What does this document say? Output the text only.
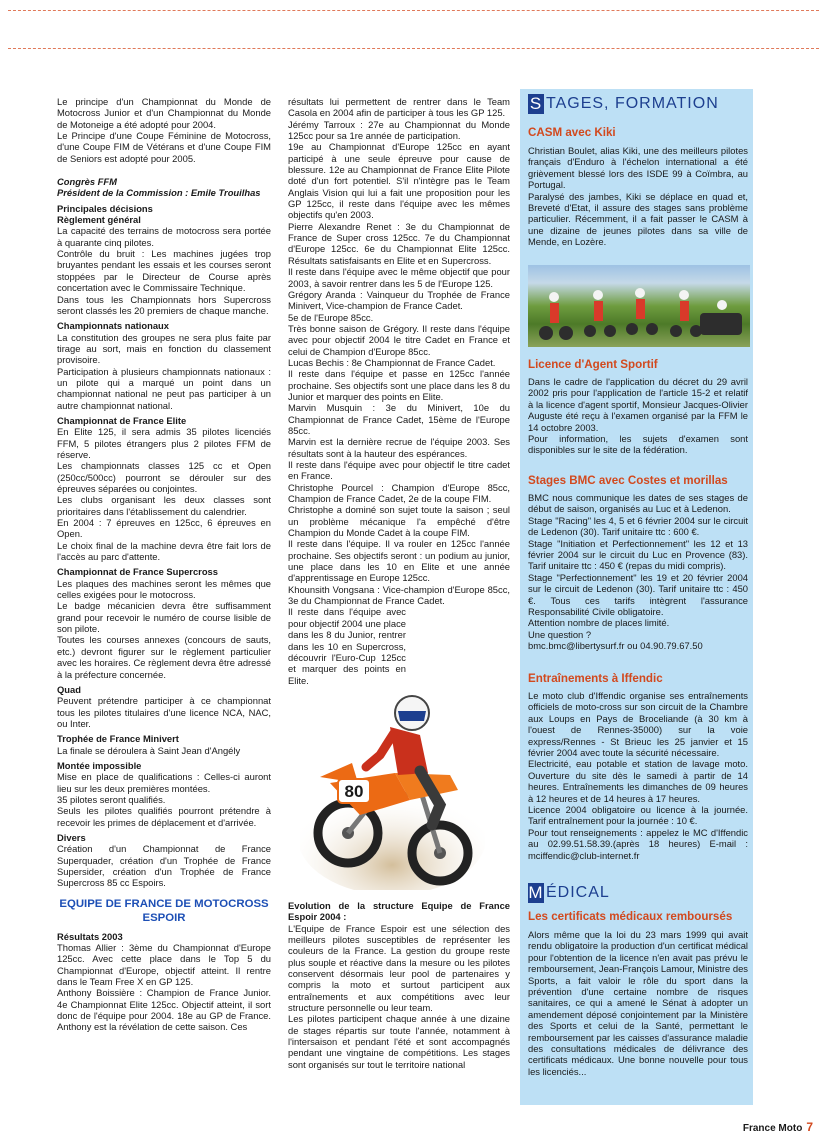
Le principe d'un Championnat du Monde de Motocross Junior et d'un Championnat du Monde de Motoneige a été adopté pour 2004.

Le Principe d'une Coupe Féminine de Motocross, d'une Coupe FIM de Vétérans et d'une Coupe FIM de Seniors est adopté pour 2005.

Congrès FFM

Président de la Commission : Emile Trouilhas

Principales décisions

Règlement général

La capacité des terrains de motocross sera portée à quarante cinq pilotes.

Contrôle du bruit : Les machines jugées trop bruyantes pendant les essais et les courses seront stoppées par le Directeur de Course après concertation avec le Commissaire Technique.

Dans tous les Championnats hors Supercross seront classés les 20 premiers de chaque manche.

Championnats nationaux

La constitution des groupes ne sera plus faite par tirage au sort, mais en fonction du classement provisoire.

Participation à plusieurs championnats nationaux : un pilote qui a marqué un point dans un championnat national ne peut pas participer à un autre championnat national.

Championnat de France Elite

En Elite 125, il sera admis 35 pilotes licenciés FFM, 5 pilotes étrangers plus 2 pilotes FFM de réserve.

Les championnats classes 125 cc et Open (250cc/500cc) pourront se dérouler sur des épreuves séparées ou conjointes.

Les clubs organisant les deux classes sont prioritaires dans l'établissement du calendrier.

En 2004 : 7 épreuves en 125cc, 6 épreuves en Open.

Le choix final de la machine devra être fait lors de l'accès au parc d'attente.

Championnat de France Supercross

Les plaques des machines seront les mêmes que celles exigées pour le motocross.

Le badge mécanicien devra être suffisamment grand pour recevoir le numéro de course lisible de son pilote.

Toutes les courses annexes (concours de sauts, etc.) devront figurer sur le règlement particulier avec les horaires. Ce règlement devra être adressé à la préfecture concernée.

Quad

Peuvent prétendre participer à ce championnat tous les pilotes titulaires d'une licence NCA, NAC, ou Inter.

Trophée de France Minivert

La finale se déroulera à Saint Jean d'Angély

Montée impossible

Mise en place de qualifications : Celles-ci auront lieu sur les deux premières montées.

35 pilotes seront qualifiés.

Seuls les pilotes qualifiés pourront prétendre à recevoir les primes de déplacement et d'arrivée.

Divers

Création d'un Championnat de France Superquader, création d'un Trophée de France Supersider, création d'un Trophée de France Supercross 85 cc Espoirs.

EQUIPE DE FRANCE DE MOTOCROSS ESPOIR

Résultats 2003

Thomas Allier : 3ème du Championnat d'Europe 125cc. Avec cette place dans le Top 5 du Championnat d'Europe, objectif atteint. Il rentre dans le Team Free X en GP 125.

Anthony Boissière : Champion de France Junior. 4e Championnat Elite 125cc. Objectif atteint, il sort donc de l'équipe pour 2004. 18e au GP de France. Anthony est la révélation de cette saison. Ces

résultats lui permettent de rentrer dans le Team Casola en 2004 afin de participer à tous les GP 125.

Jérémy Tarroux : 27e au Championnat du Monde 125cc pour sa 1re année de participation.

19e au Championnat d'Europe 125cc en ayant participé à une seule épreuve pour cause de blessure. 12e au Championnat de France Elite Pilote doté d'un fort potentiel. S'il n'intègre pas le Team Anglais Vision qui lui a fait une proposition pour les GP 125cc, il reste dans l'équipe avec les mêmes objectifs qu'en 2003.

Pierre Alexandre Renet : 3e du Championnat de France de Super cross 125cc. 7e du Championnat d'Europe 125cc. 6e du Championnat Elite 125cc. Résultats satisfaisants en Elite et en Supercross.

Il reste dans l'équipe avec le même objectif que pour 2003, à savoir rentrer dans les 5 de l'Europe 125.

Grégory Aranda : Vainqueur du Trophée de France Minivert, Vice-champion de France Cadet.

5e de l'Europe 85cc.

Très bonne saison de Grégory. Il reste dans l'équipe avec pour objectif 2004 le titre Cadet en France et celui de Champion d'Europe 85cc.

Lucas Bechis : 8e Championnat de France Cadet.

Il reste dans l'équipe et passe en 125cc l'année prochaine. Ses objectifs sont une place dans les 8 du Junior et marquer des points en Elite.

Marvin Musquin : 3e du Minivert, 10e du Championnat de France Cadet, 15ème de l'Europe 85cc.

Marvin est la dernière recrue de l'équipe 2003. Ses résultats sont à la hauteur des espérances.

Il reste dans l'équipe avec pour objectif le titre cadet en France.

Christophe Pourcel : Champion d'Europe 85cc, Champion de France Cadet, 2e de la coupe FIM.

Christophe a dominé son sujet toute la saison ; seul un problème mécanique l'a empêché d'être Champion du Monde Cadet à la coupe FIM.

Il reste dans l'équipe. Il va rouler en 125cc l'année prochaine. Ses objectifs seront : un podium au junior, une place dans les 10 en Elite et une année d'apprentissage en Europe 125cc.

Khounsith Vongsana : Vice-champion d'Europe 85cc, 3e du Championnat de France Cadet.

Il reste dans l'équipe avec pour objectif 2004 une place dans les 8 du Junior, rentrer dans les 10 en Supercross, découvrir l'Euro-Cup 125cc et marquer des points en Elite.

80

Evolution de la structure Equipe de France Espoir 2004 :

L'Equipe de France Espoir est une sélection des meilleurs pilotes susceptibles de représenter les couleurs de la France. La gestion du groupe reste plus souple et réactive dans la mesure ou les pilotes conservent désormais leur pool de partenaires y compris la moto et surtout participent aux entraînements et aux compétitions avec leur structure personnelle ou leur team.

Les pilotes participent chaque année à une dizaine de stages répartis sur toute l'année, notamment à l'intersaison et pendant l'été et sont accompagnés pendant une vingtaine de compétitions. Les stages sont organisés sur tout le territoire national

S TAGES, FORMATION
CASM avec Kiki

Christian Boulet, alias Kiki, une des meilleurs pilotes français d'Enduro à l'échelon international a été grièvement blessé lors des ISDE 99 à Coïmbra, au Portugal.

Paralysé des jambes, Kiki se déplace en quad et, Breveté d'Etat, il assure des stages sans problème particulier. Récemment, il a fait passer le CASM à une dizaine de jeunes pilotes dans sa ville de Mende, en Lozère.

Licence d'Agent Sportif

Dans le cadre de l'application du décret du 29 avril 2002 pris pour l'application de l'article 15-2 et relatif à la licence d'agent sportif, Monsieur Jacques-Olivier Auguste été reçu à l'examen organisé par la FFM le 14 octobre 2003.

Pour information, les sujets d'examen sont disponibles sur le site de la fédération.

Stages BMC avec Costes et morillas

BMC nous communique les dates de ses stages de début de saison, organisés au Luc et à Ledenon.

Stage "Racing" les 4, 5 et 6 février 2004 sur le circuit de Ledenon (30). Tarif unitaire ttc : 600 €.

Stage "Initiation et Perfectionnement" les 12 et 13 février 2004 sur le circuit du Luc en Provence (83). Tarif unitaire ttc : 450 € (repas du midi compris).

Stage "Perfectionnement" les 19 et 20 février 2004 sur le circuit de Ledenon (30). Tarif unitaire ttc : 450 €. Tous ces tarifs intègrent l'assurance Responsabilité Civile obligatoire.

Attention nombre de places limité.

Une question ?

bmc.bmc@libertysurf.fr ou 04.90.79.67.50

Entraînements à Iffendic

Le moto club d'Iffendic organise ses entraînements officiels de moto-cross sur son circuit de la Chambre aux Loups en Pays de Broceliande (à 30 km à l'ouest de Rennes-35000) sur la voie express/Rennes - St Brieuc les 25 janvier et 15 février 2004 avec toute la sécurité nécessaire.

Electricité, eau potable et station de lavage moto. Ouverture du site dès le samedi à partir de 14 heures. Entraînements les dimanches de 09 heures à 12 heures et de 14 heures à 17 heures.

Licence 2004 obligatoire ou licence à la journée. Tarif entraînement pour la journée : 10 €.

Pour tout renseignements : appelez le MC d'Iffendic au 02.99.51.58.39.(après 18 heures) E-mail : mciffendic@club-internet.fr

M ÉDICAL
Les certificats médicaux remboursés

Alors même que la loi du 23 mars 1999 qui avait rendu obligatoire la production d'un certificat médical pour l'obtention de la licence n'en avait pas prévu le remboursement, Jean-François Lamour, Ministre des Sports, a fait valoir le rôle du sport dans la prévention d'une certaine nombre de risques sanitaires, ce qui a amené le Sénat à adopter un amendement déposé conjointement par la Ministère des Sports et celui de la Santé, permettant le remboursement par les caisses d'assurance maladie des consultations médicales de délivrance des certificats médicaux. Une bonne nouvelle pour tous les licenciés...

France Moto 7
